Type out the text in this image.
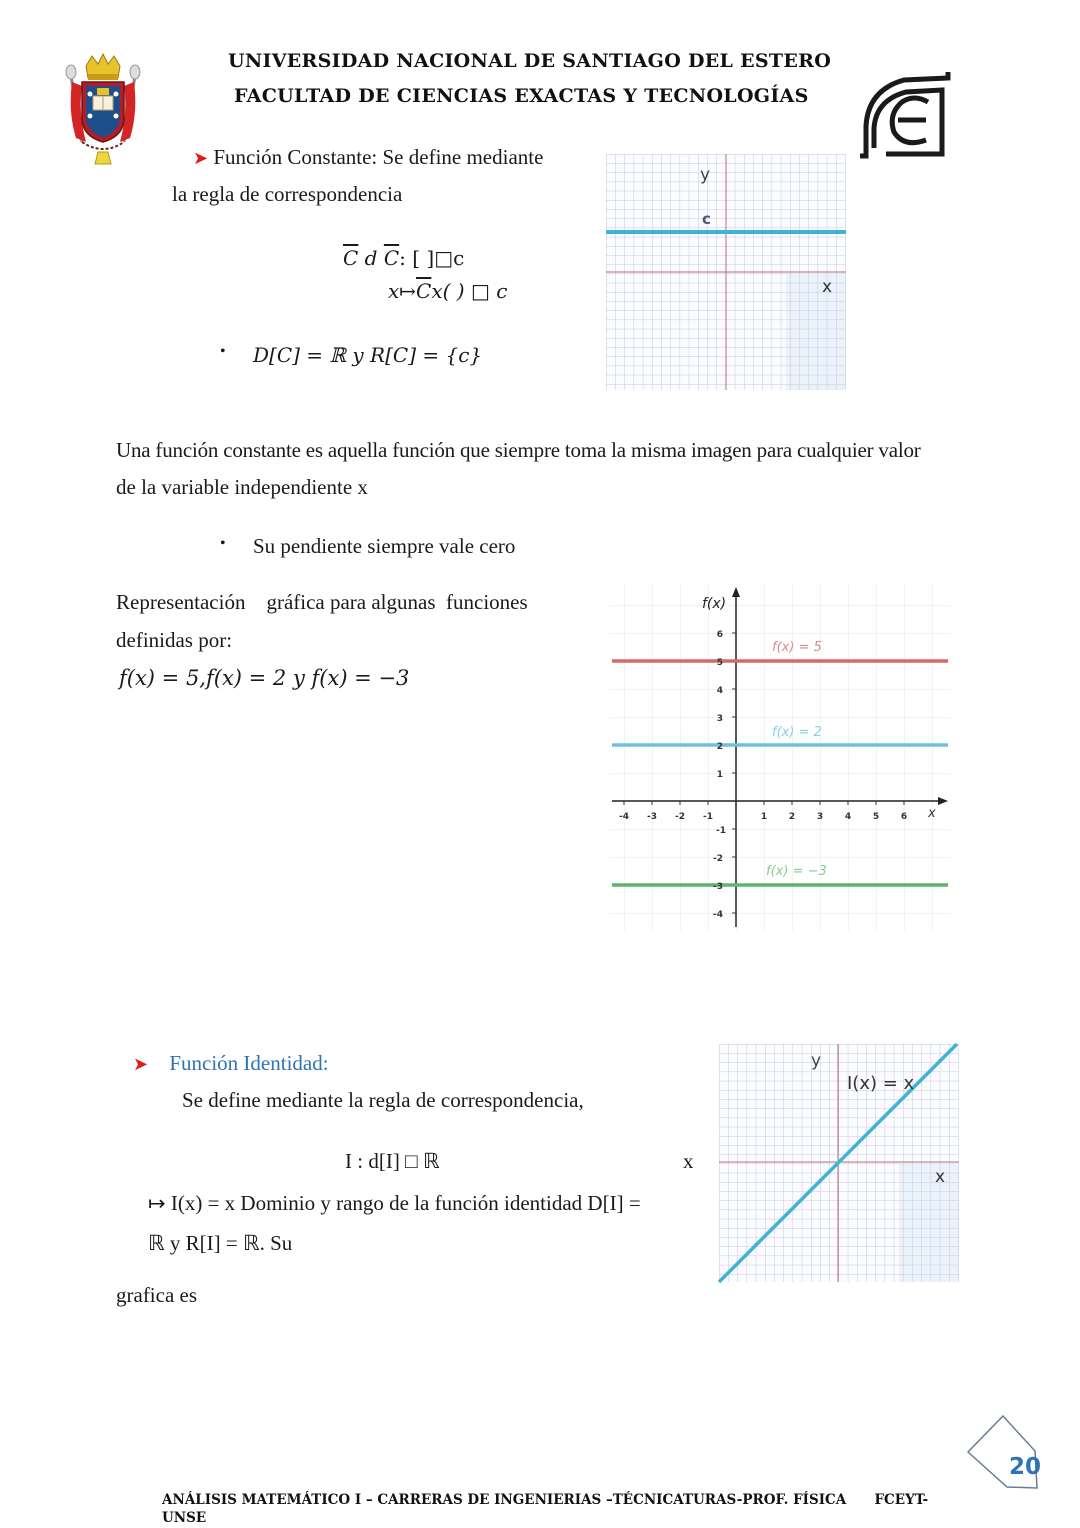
UNIVERSIDAD NACIONAL DE SANTIAGO DEL ESTERO
FACULTAD DE CIENCIAS EXACTAS Y TECNOLOGÍAS
➤ Función Constante: Se define mediante
la regla de correspondencia
$\overline{C}$ d $\overline{C}$: [ ]□c
$x↦\overline{C}x$( ) □ c
• D[C] = ℝ y R[C] = {c}
y
c
x
Una función constante es aquella función que siempre toma la misma imagen para cualquier valor
de la variable independiente x
• Su pendiente siempre vale cero
Representación    gráfica para algunas  funciones
definidas por:
f(x) = 5,f(x) = 2 y f(x) = −3
6
5
4
3
2
1
-1
-2
-3
-4
-4 -3 -2 -1	1 2 3 4 5 6
f(x)
x
f(x) = 5
f(x) = 2
f(x) = −3
➤ Función Identidad:
Se define mediante la regla de correspondencia,
I : d[I] □ ℝ	x
↦ I(x) = x Dominio y rango de la función identidad D[I] =
ℝ y R[I] = ℝ. Su
grafica es
y
I(x) = x
x
20
ANÁLISIS MATEMÁTICO I – CARRERAS DE INGENIERIAS –TÉCNICATURAS-PROF. FÍSICA      FCEYT-
UNSE
